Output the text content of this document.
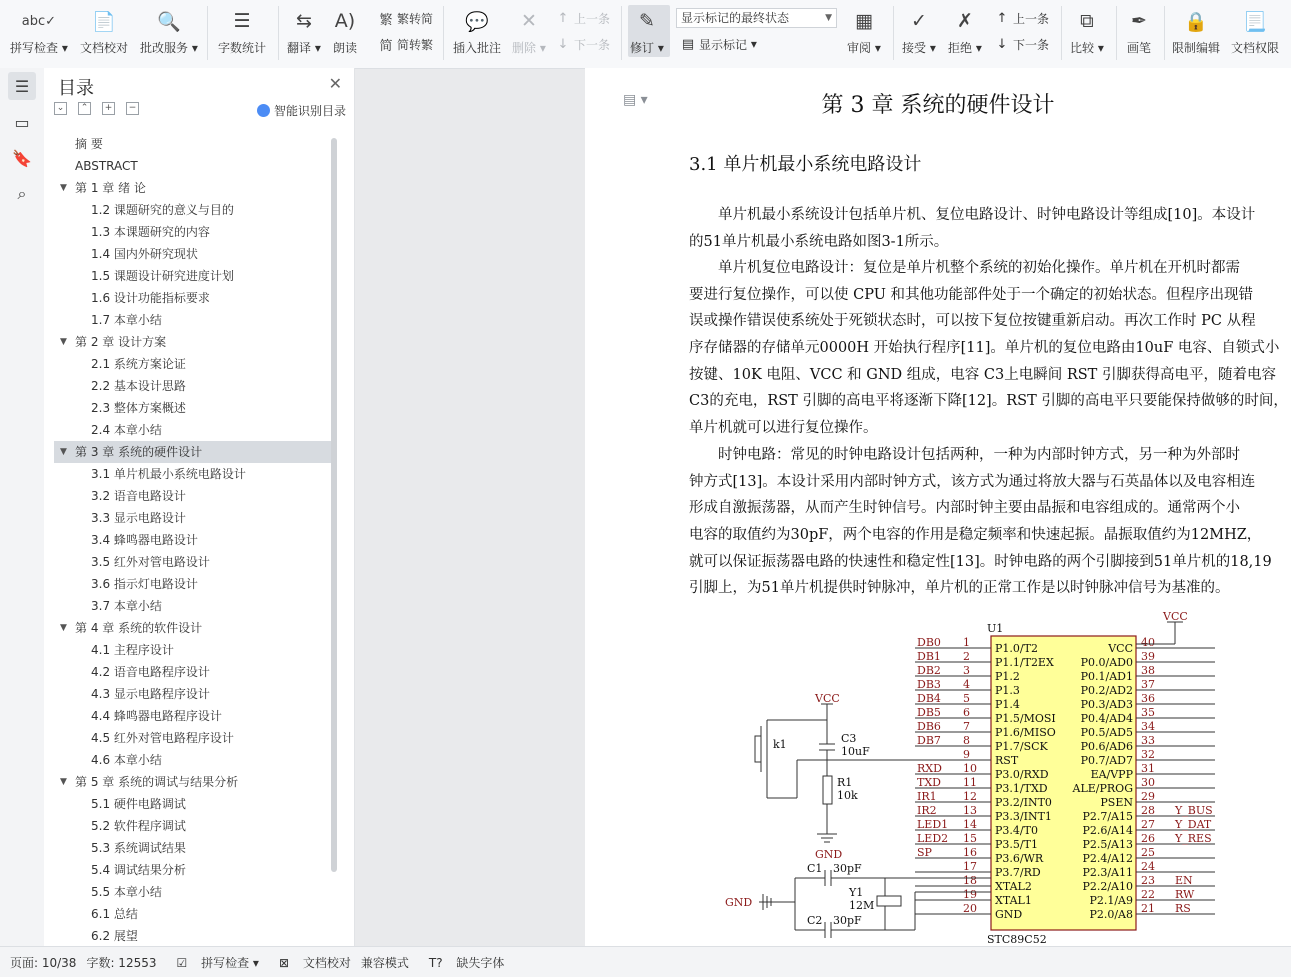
abc✓
拼写检查 ▾
📄
文档校对
🔍
批改服务 ▾
☰
字数统计
⇆
翻译 ▾
A)
朗读
繁 繁转简
简 简转繁
💬
插入批注
✕
删除 ▾
↑ 上一条
↓ 下一条
✎
修订 ▾
显示标记的最终状态	▼
▤ 显示标记 ▾
▦
审阅 ▾
✓
接受 ▾
✗
拒绝 ▾
↑ 上一条
↓ 下一条
⧉
比较 ▾
✒
画笔
🔒
限制编辑
📃
文档权限
☰
▭
🔖
⌕
目录	✕
⌄	⌃	+	−	智能识别目录
摘 要
ABSTRACT
▼ 第 1 章 绪 论
1.2 课题研究的意义与目的
1.3 本课题研究的内容
1.4 国内外研究现状
1.5 课题设计研究进度计划
1.6 设计功能指标要求
1.7 本章小结
▼ 第 2 章 设计方案
2.1 系统方案论证
2.2 基本设计思路
2.3 整体方案概述
2.4 本章小结
▼ 第 3 章 系统的硬件设计
3.1 单片机最小系统电路设计
3.2 语音电路设计
3.3 显示电路设计
3.4 蜂鸣器电路设计
3.5 红外对管电路设计
3.6 指示灯电路设计
3.7 本章小结
▼ 第 4 章 系统的软件设计
4.1 主程序设计
4.2 语音电路程序设计
4.3 显示电路程序设计
4.4 蜂鸣器电路程序设计
4.5 红外对管电路程序设计
4.6 本章小结
▼ 第 5 章 系统的调试与结果分析
5.1 硬件电路调试
5.2 软件程序调试
5.3 系统调试结果
5.4 调试结果分析
5.5 本章小结
6.1 总结
6.2 展望
▤ ▾	第 3 章 系统的硬件设计
3.1 单片机最小系统电路设计
　　单片机最小系统设计包括单片机、复位电路设计、时钟电路设计等组成[10]。本设计
的51单片机最小系统电路如图3-1所示。
　　单片机复位电路设计：复位是单片机整个系统的初始化操作。单片机在开机时都需
要进行复位操作，可以使 CPU 和其他功能部件处于一个确定的初始状态。但程序出现错
误或操作错误使系统处于死锁状态时，可以按下复位按键重新启动。再次工作时 PC 从程
序存储器的存储单元0000H 开始执行程序[11]。单片机的复位电路由10uF 电容、自锁式小
按键、10K 电阻、VCC 和 GND 组成，电容 C3上电瞬间 RST 引脚获得高电平，随着电容
C3的充电，RST 引脚的高电平将逐渐下降[12]。RST 引脚的高电平只要能保持做够的时间，
单片机就可以进行复位操作。
　　时钟电路：常见的时钟电路设计包括两种，一种为内部时钟方式，另一种为外部时
钟方式[13]。本设计采用内部时钟方式，该方式为通过将放大器与石英晶体以及电容相连
形成自激振荡器，从而产生时钟信号。内部时钟主要由晶振和电容组成的。通常两个小
电容的取值约为30pF，两个电容的作用是稳定频率和快速起振。晶振取值约为12MHZ，
就可以保证振荡器电路的快速性和稳定性[13]。时钟电路的两个引脚接到51单片机的18,19
引脚上，为51单片机提供时钟脉冲，单片机的正常工作是以时钟脉冲信号为基准的。
U1
STC89C52
1 P1.0/T2
DB0
2 P1.1/T2EX
DB1
3 P1.2
DB2
4 P1.3
DB3
5 P1.4
DB4
6 P1.5/MOSI
DB5
7 P1.6/MISO
DB6
8 P1.7/SCK
DB7
9 RST
10 P3.0/RXD
RXD
11 P3.1/TXD
TXD
12 P3.2/INT0
IR1
13 P3.3/INT1
IR2
14 P3.4/T0
LED1
15 P3.5/T1
LED2
16 P3.6/WR
SP
17 P3.7/RD
18 XTAL2
19 XTAL1
20 GND
40
VCC
39
P0.0/AD0
38
P0.1/AD1
37
P0.2/AD2
36
P0.3/AD3
35
P0.4/AD4
34
P0.5/AD5
33
P0.6/AD6
32
P0.7/AD7
31
EA/VPP
30
ALE/PROG
29
PSEN
28
P2.7/A15	Y_BUS
27
P2.6/A14	Y_DAT
26
P2.5/A13	Y_RES
25
P2.4/A12
24
P2.3/A11
23
P2.2/A10	EN
22
P2.1/A9	RW
21
P2.0/A8	RS
VCC
VCC
k1	C3
10uF
R1
10k
GND
C1 30pF
C2 30pF
Y1
12M
GND
页面: 10/38 字数: 12553	☑ 拼写检查 ▾	⊠ 文档校对 兼容模式	T? 缺失字体
